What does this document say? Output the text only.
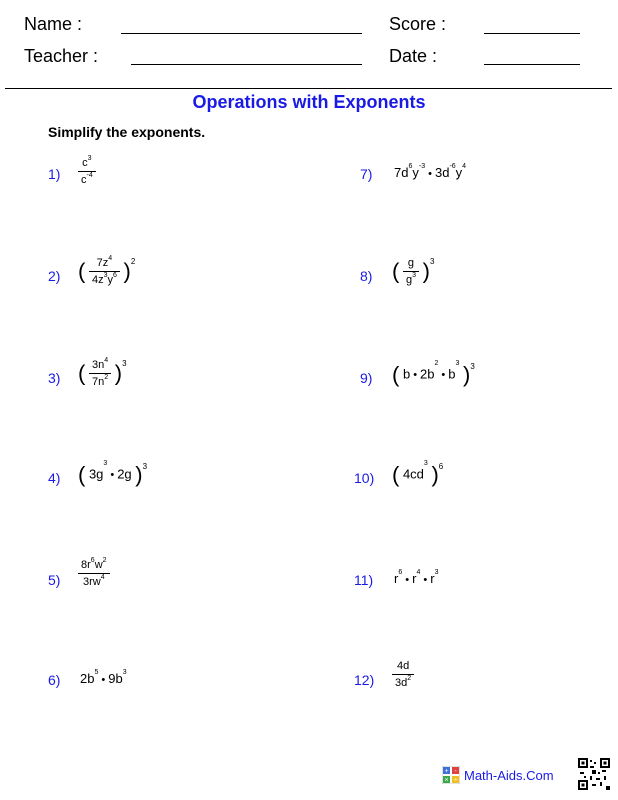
Name :
Teacher :
Score :
Date :
Operations with Exponents
Simplify the exponents.
$1) \frac{c^3}{c^{-4}}$
2) ( $\frac{7z^4}{4z^3y^6} )^2$
3) ( $\frac{3n^4}{7n^2} )^3$
4) ( $3g^3•$ 2g )$^3$
$5) \frac{8r^6w^2}{3rw^4}$
6) $2b^5•$ $9b^3$
7) $7d^6y^{-3}•$ $3d^{-6}y^4$
8) ( $\frac{g}{g^3} )^3$
9) ( b • $2b^2•$ $b^3$ )$^3$
10) ( $4cd^3$ )$^6$
11) $r^6•$ $r^4•$ $r^3$
$12) \frac{4d}{3d^2}$
+ -
× ÷ Math-Aids.Com
